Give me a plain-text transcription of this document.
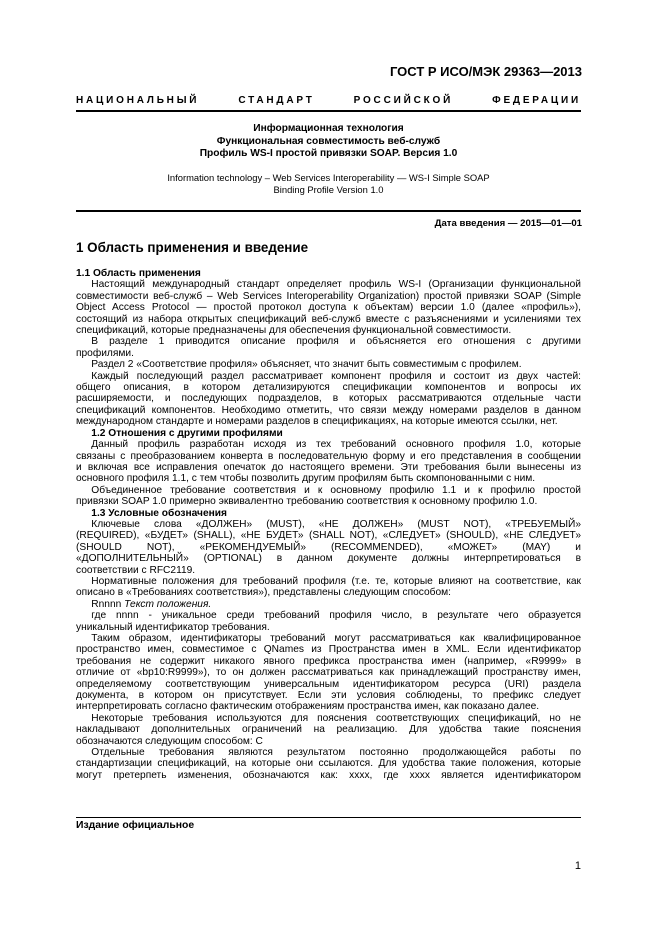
ГОСТ Р ИСО/МЭК 29363—2013
НАЦИОНАЛЬНЫЙ СТАНДАРТ РОССИЙСКОЙ ФЕДЕРАЦИИ
Информационная технология
Функциональная совместимость веб-служб
Профиль WS-I простой привязки SOAP. Версия 1.0
Information technology – Web Services Interoperability — WS-I Simple SOAP
Binding Profile Version 1.0
Дата введения — 2015—01—01
1 Область применения и введение
1.1 Область применения
  Настоящий международный стандарт определяет профиль WS-I (Организации функциональной
совместимости веб-служб – Web Services Interoperability Organization) простой привязки SOAP (Simple
Object Access Protocol — простой протокол доступа к объектам) версии 1.0 (далее «профиль»),
состоящий из набора открытых спецификаций веб-служб вместе с разъяснениями и усилениями тех
спецификаций, которые предназначены для обеспечения функциональной совместимости.
  В разделе 1 приводится описание профиля и объясняется его отношения с другими
профилями.
  Раздел 2 «Соответствие профиля» объясняет, что значит быть совместимым с профилем.
  Каждый последующий раздел рассматривает компонент профиля и состоит из двух частей:
общего описания, в котором детализируются спецификации компонентов и вопросы их
расширяемости, и последующих подразделов, в которых рассматриваются отдельные части
спецификаций компонентов. Необходимо отметить, что связи между номерами разделов в данном
международном стандарте и номерами разделов в спецификациях, на которые имеются ссылки, нет.
  1.2 Отношения с другими профилями
  Данный профиль разработан исходя из тех требований основного профиля 1.0, которые
связаны с преобразованием конверта в последовательную форму и его представления в сообщении
и включая все исправления опечаток до настоящего времени. Эти требования были вынесены из
основного профиля 1.1, с тем чтобы позволить другим профилям быть скомпонованными с ним.
  Объединенное требование соответствия и к основному профилю 1.1 и к профилю простой
привязки SOAP 1.0 примерно эквивалентно требованию соответствия к основному профилю 1.0.
  1.3 Условные обозначения
  Ключевые слова «ДОЛЖЕН» (MUST), «НЕ ДОЛЖЕН» (MUST NOT), «ТРЕБУЕМЫЙ»
(REQUIRED), «БУДЕТ» (SHALL), «НЕ БУДЕТ» (SHALL NOT), «СЛЕДУЕТ» (SHOULD), «НЕ СЛЕДУЕТ»
(SHOULD NOT), «РЕКОМЕНДУЕМЫЙ» (RECOMMENDED), «МОЖЕТ» (MAY) и
«ДОПОЛНИТЕЛЬНЫЙ» (OPTIONAL) в данном документе должны интерпретироваться в
соответствии с RFC2119.
  Нормативные положения для требований профиля (т.е. те, которые влияют на соответствие, как
описано в «Требованиях соответствия»), представлены следующим способом:
  Rnnnn Текст положения.
  где nnnn - уникальное среди требований профиля число, в результате чего образуется
уникальный идентификатор требования.
  Таким образом, идентификаторы требований могут рассматриваться как квалифицированное
пространство имен, совместимое с QNames из Пространства имен в XML. Если идентификатор
требования не содержит никакого явного префикса пространства имен (например, «R9999» в
отличие от «bp10:R9999»), то он должен рассматриваться как принадлежащий пространству имен,
определяемому соответствующим универсальным идентификатором ресурса (URI) раздела
документа, в котором он присутствует. Если эти условия соблюдены, то префикс следует
интерпретировать согласно фактическим отображениям пространства имен, как показано далее.
  Некоторые требования используются для пояснения соответствующих спецификаций, но не
накладывают дополнительных ограничений на реализацию. Для удобства такие пояснения
обозначаются следующим способом: C
  Отдельные требования являются результатом постоянно продолжающейся работы по
стандартизации спецификаций, на которые они ссылаются. Для удобства такие положения, которые
могут претерпеть изменения, обозначаются как: хххх, где хххх является идентификатором
Издание официальное
1
